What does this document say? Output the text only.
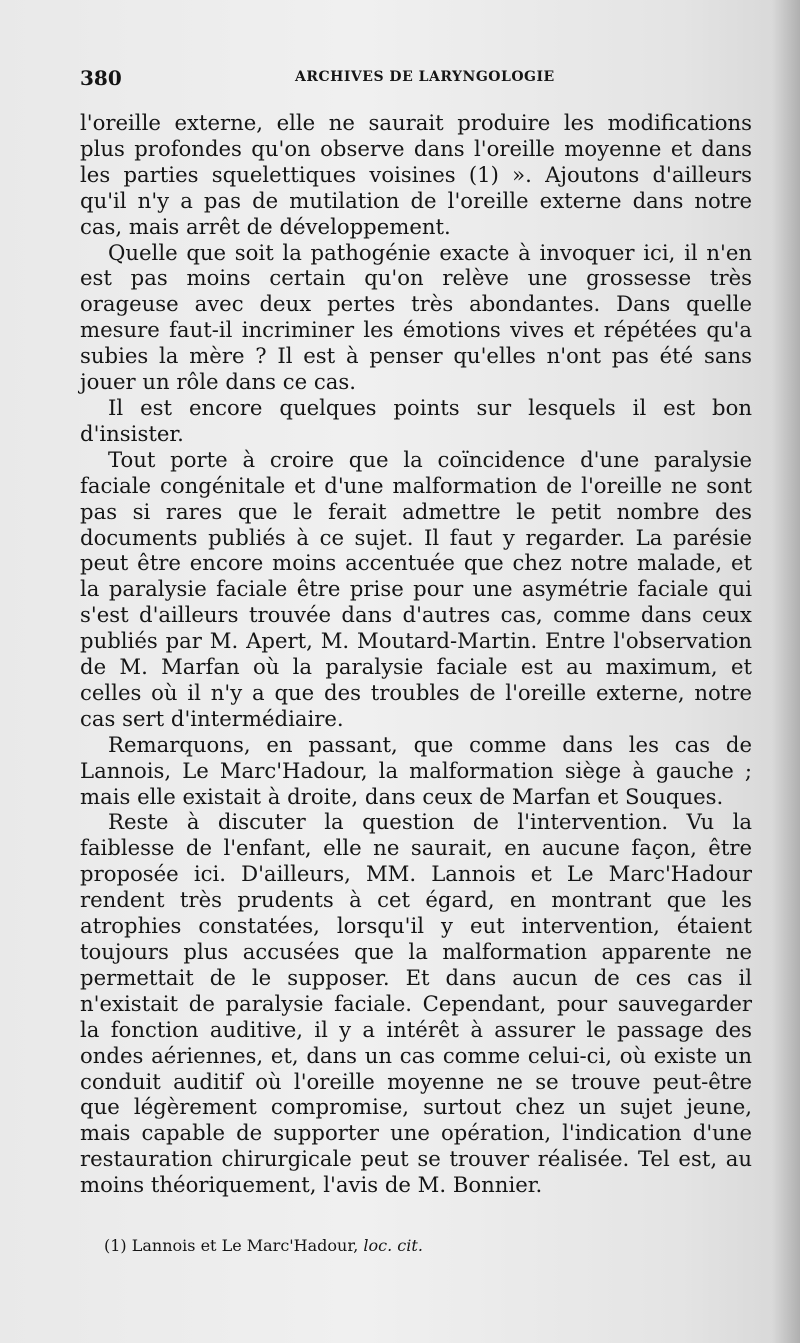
380	ARCHIVES DE LARYNGOLOGIE

l'oreille externe, elle ne saurait produire les modifications plus profondes qu'on observe dans l'oreille moyenne et dans les parties squelettiques voisines (1) ». Ajoutons d'ailleurs qu'il n'y a pas de mutilation de l'oreille externe dans notre cas, mais arrêt de développement.

Quelle que soit la pathogénie exacte à invoquer ici, il n'en est pas moins certain qu'on relève une grossesse très orageuse avec deux pertes très abondantes. Dans quelle mesure faut-il incriminer les émotions vives et répétées qu'a subies la mère ? Il est à penser qu'elles n'ont pas été sans jouer un rôle dans ce cas.

Il est encore quelques points sur lesquels il est bon d'insister.

Tout porte à croire que la coïncidence d'une paralysie faciale congénitale et d'une malformation de l'oreille ne sont pas si rares que le ferait admettre le petit nombre des documents publiés à ce sujet. Il faut y regarder. La parésie peut être encore moins accentuée que chez notre malade, et la paralysie faciale être prise pour une asymétrie faciale qui s'est d'ailleurs trouvée dans d'autres cas, comme dans ceux publiés par M. Apert, M. Moutard-Martin. Entre l'observation de M. Marfan où la paralysie faciale est au maximum, et celles où il n'y a que des troubles de l'oreille externe, notre cas sert d'intermédiaire.

Remarquons, en passant, que comme dans les cas de Lannois, Le Marc'Hadour, la malformation siège à gauche ; mais elle existait à droite, dans ceux de Marfan et Souques.

Reste à discuter la question de l'intervention. Vu la faiblesse de l'enfant, elle ne saurait, en aucune façon, être proposée ici. D'ailleurs, MM. Lannois et Le Marc'Hadour rendent très prudents à cet égard, en montrant que les atrophies constatées, lorsqu'il y eut intervention, étaient toujours plus accusées que la malformation apparente ne permettait de le supposer. Et dans aucun de ces cas il n'existait de paralysie faciale. Cependant, pour sauvegarder la fonction auditive, il y a intérêt à assurer le passage des ondes aériennes, et, dans un cas comme celui-ci, où existe un conduit auditif où l'oreille moyenne ne se trouve peut-être que légèrement compromise, surtout chez un sujet jeune, mais capable de supporter une opération, l'indication d'une restauration chirurgicale peut se trouver réalisée. Tel est, au moins théoriquement, l'avis de M. Bonnier.

(1) Lannois et Le Marc'Hadour, loc. cit.
